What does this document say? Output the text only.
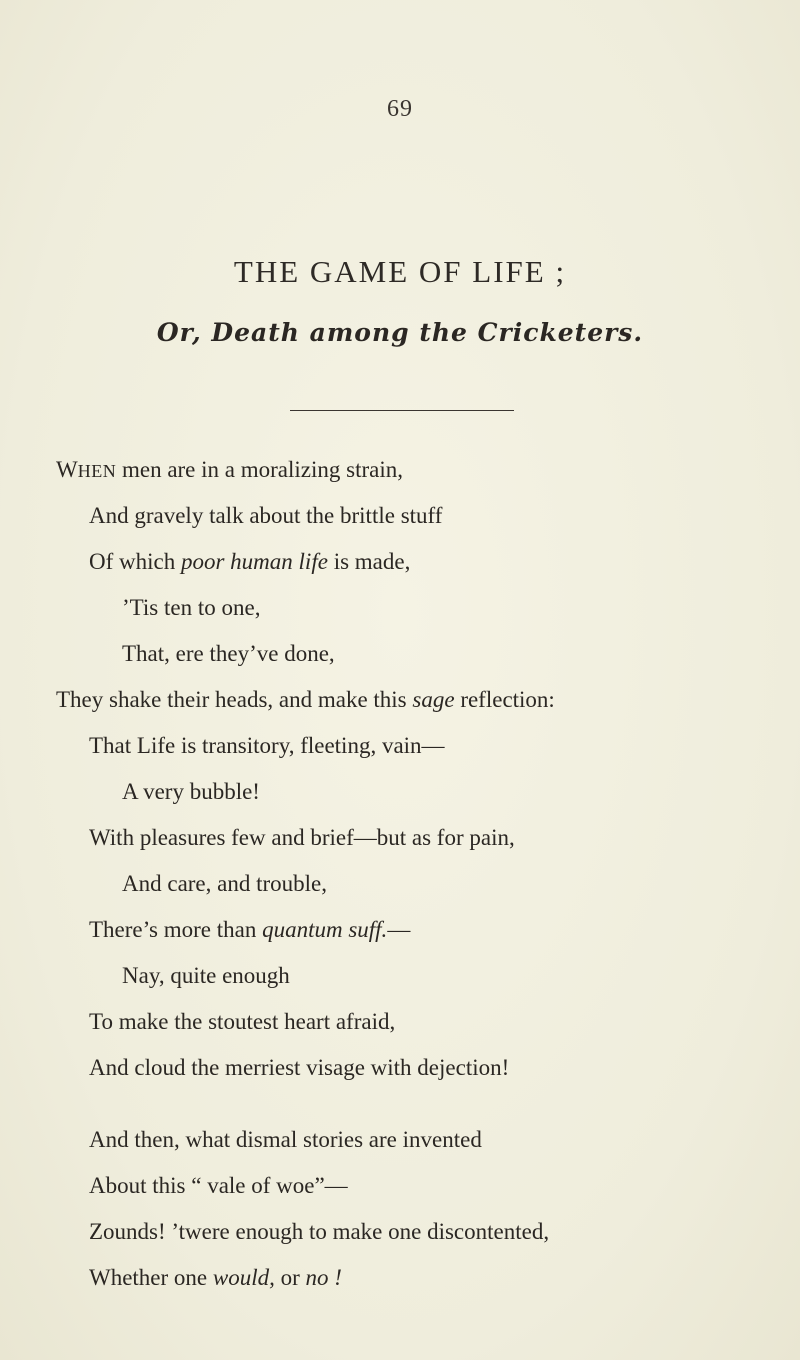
69
THE GAME OF LIFE ;
Or, Death among the Cricketers.
WHEN men are in a moralizing strain,
And gravely talk about the brittle stuff
Of which poor human life is made,
’Tis ten to one,
That, ere they’ve done,
They shake their heads, and make this sage reflection:
That Life is transitory, fleeting, vain—
A very bubble!
With pleasures few and brief—but as for pain,
And care, and trouble,
There’s more than quantum suff.—
Nay, quite enough
To make the stoutest heart afraid,
And cloud the merriest visage with dejection!
And then, what dismal stories are invented
About this “ vale of woe”—
Zounds! ’twere enough to make one discontented,
Whether one would, or no !
